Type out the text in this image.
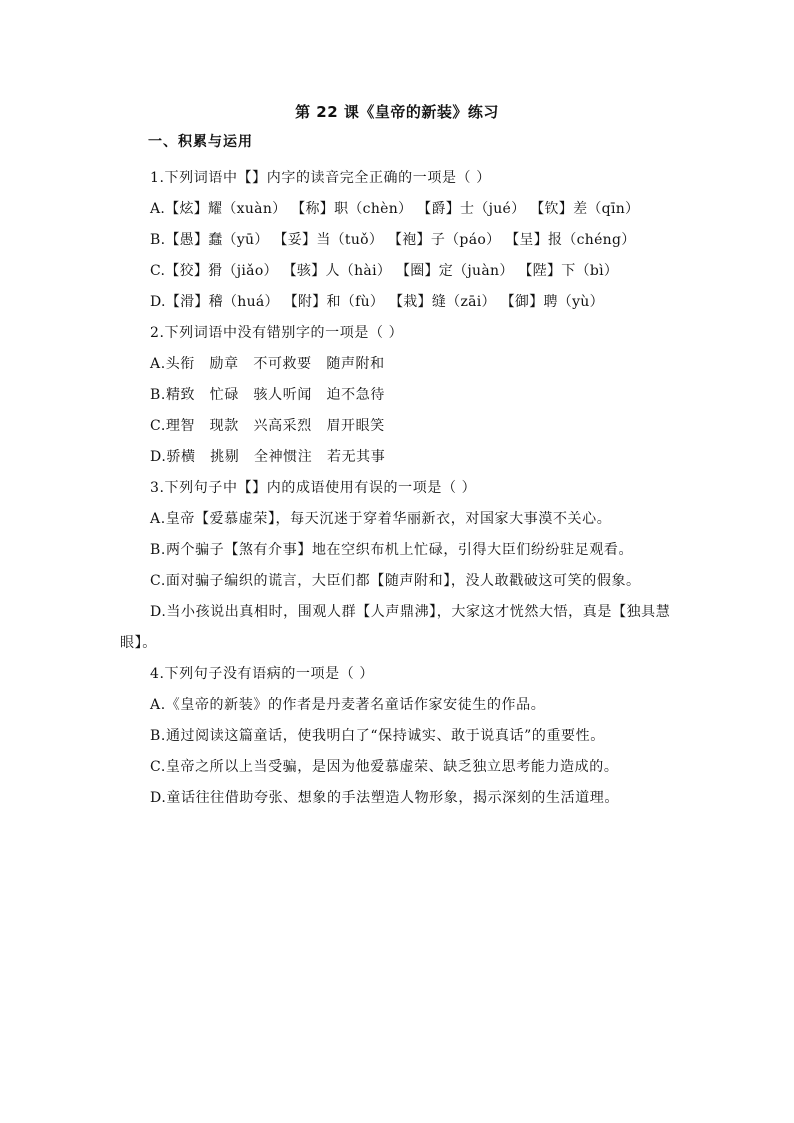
第 22 课《皇帝的新装》练习
一、积累与运用

1.下列词语中【】内字的读音完全正确的一项是（ ）

A.【炫】耀（xuàn） 【称】职（chèn） 【爵】士（jué） 【钦】差（qīn）

B.【愚】蠢（yū） 【妥】当（tuǒ） 【袍】子（páo） 【呈】报（chéng）

C.【狡】猾（jiǎo） 【骇】人（hài） 【圈】定（juàn） 【陛】下（bì）

D.【滑】稽（huá） 【附】和（fù） 【栽】缝（zāi） 【御】聘（yù）

2.下列词语中没有错别字的一项是（ ）

A.头衔　励章　不可救要　随声附和

B.精致　忙碌　骇人听闻　迫不急待

C.理智　现款　兴高采烈　眉开眼笑

D.骄横　挑剔　全神惯注　若无其事

3.下列句子中【】内的成语使用有误的一项是（ ）

A.皇帝【爱慕虚荣】，每天沉迷于穿着华丽新衣，对国家大事漠不关心。

B.两个骗子【煞有介事】地在空织布机上忙碌，引得大臣们纷纷驻足观看。

C.面对骗子编织的谎言，大臣们都【随声附和】，没人敢戳破这可笑的假象。

D.当小孩说出真相时，围观人群【人声鼎沸】，大家这才恍然大悟，真是【独具慧眼】。

4.下列句子没有语病的一项是（ ）

A.《皇帝的新装》的作者是丹麦著名童话作家安徒生的作品。

B.通过阅读这篇童话，使我明白了“保持诚实、敢于说真话”的重要性。

C.皇帝之所以上当受骗，是因为他爱慕虚荣、缺乏独立思考能力造成的。

D.童话往往借助夸张、想象的手法塑造人物形象，揭示深刻的生活道理。
